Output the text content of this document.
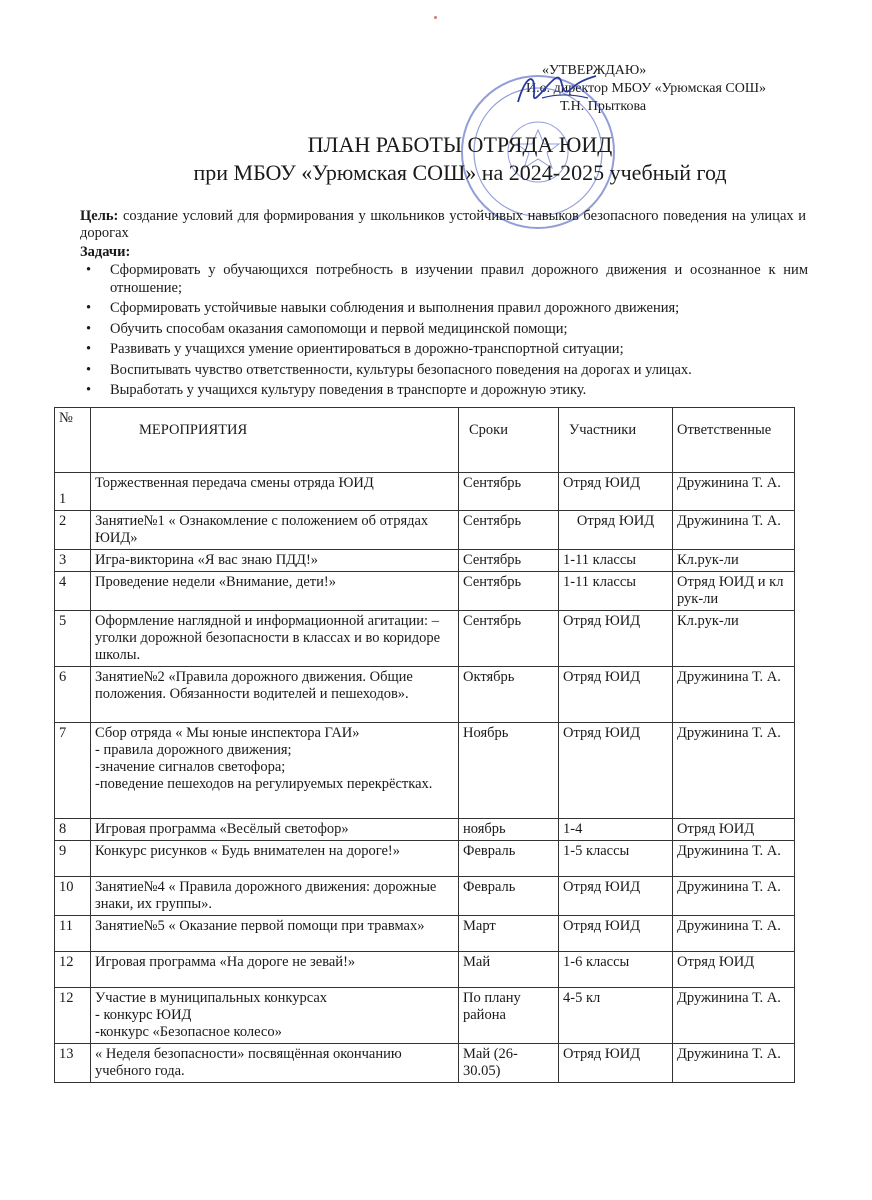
«УТВЕРЖДАЮ»
И.о. директор МБОУ «Урюмская СОШ»
Т.Н. Прыткова
ПЛАН РАБОТЫ ОТРЯДА ЮИД
при МБОУ «Урюмская СОШ» на 2024-2025 учебный год
Цель: создание условий для формирования у школьников устойчивых навыков безопасного поведения на улицах и дорогах
Задачи:
• Сформировать у обучающихся потребность в изучении правил дорожного движения и осознанное к ним отношение;
• Сформировать устойчивые навыки соблюдения и выполнения правил дорожного движения;
• Обучить способам оказания самопомощи и первой медицинской помощи;
• Развивать у учащихся умение ориентироваться в дорожно-транспортной ситуации;
• Воспитывать чувство ответственности, культуры безопасного поведения на дорогах и улицах.
• Выработать у учащихся культуру поведения в транспорте и дорожную этику.
№	МЕРОПРИЯТИЯ	Сроки	Участники	Ответственные
1	Торжественная передача смены отряда ЮИД	Сентябрь	Отряд ЮИД	Дружинина Т. А.
2	Занятие№1 « Ознакомление с положением об отрядах ЮИД»	Сентябрь	Отряд ЮИД	Дружинина Т. А.
3	Игра-викторина «Я вас знаю ПДД!»	Сентябрь	1-11 классы	Кл.рук-ли
4	Проведение недели «Внимание, дети!»	Сентябрь	1-11 классы	Отряд ЮИД и кл рук-ли
5	Оформление наглядной и информационной агитации: – уголки дорожной безопасности в классах и во коридоре школы.	Сентябрь	Отряд ЮИД	Кл.рук-ли
6	Занятие№2 «Правила дорожного движения. Общие положения. Обязанности водителей и пешеходов».	Октябрь	Отряд ЮИД	Дружинина Т. А.
7	Сбор отряда « Мы юные инспектора ГАИ»
- правила дорожного движения;
-значение сигналов светофора;
-поведение пешеходов на регулируемых перекрёстках.	Ноябрь	Отряд ЮИД	Дружинина Т. А.
8	Игровая программа «Весёлый светофор»	ноябрь	1-4	Отряд ЮИД
9	Конкурс рисунков « Будь внимателен на дороге!»	Февраль	1-5 классы	Дружинина Т. А.
10	Занятие№4 « Правила дорожного движения: дорожные знаки, их группы».	Февраль	Отряд ЮИД	Дружинина Т. А.
11	Занятие№5 « Оказание первой помощи при травмах»	Март	Отряд ЮИД	Дружинина Т. А.
12	Игровая программа «На дороге не зевай!»	Май	1-6 классы	Отряд ЮИД
12	Участие в муниципальных конкурсах
- конкурс ЮИД
-конкурс «Безопасное колесо»	По плану района	4-5 кл	Дружинина Т. А.
13	« Неделя безопасности» посвящённая окончанию учебного года.	Май (26-30.05)	Отряд ЮИД	Дружинина Т. А.
